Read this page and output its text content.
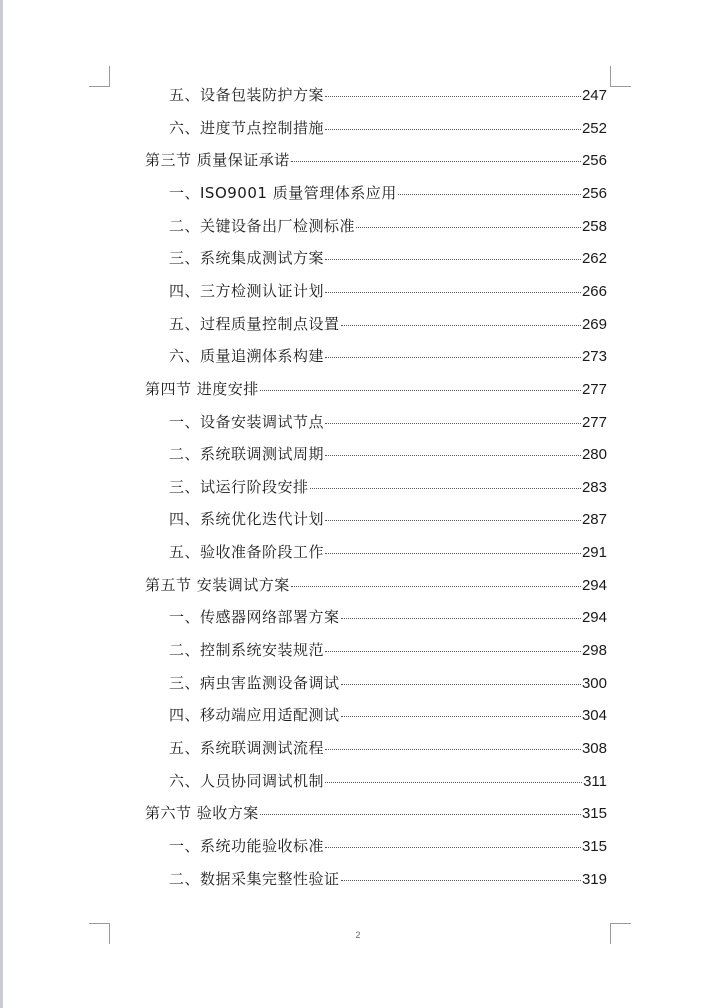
五、设备包装防护方案	247
六、进度节点控制措施	252
第三节 质量保证承诺	256
一、ISO9001 质量管理体系应用	256
二、关键设备出厂检测标准	258
三、系统集成测试方案	262
四、三方检测认证计划	266
五、过程质量控制点设置	269
六、质量追溯体系构建	273
第四节 进度安排	277
一、设备安装调试节点	277
二、系统联调测试周期	280
三、试运行阶段安排	283
四、系统优化迭代计划	287
五、验收准备阶段工作	291
第五节 安装调试方案	294
一、传感器网络部署方案	294
二、控制系统安装规范	298
三、病虫害监测设备调试	300
四、移动端应用适配测试	304
五、系统联调测试流程	308
六、人员协同调试机制	311
第六节 验收方案	315
一、系统功能验收标准	315
二、数据采集完整性验证	319
2
